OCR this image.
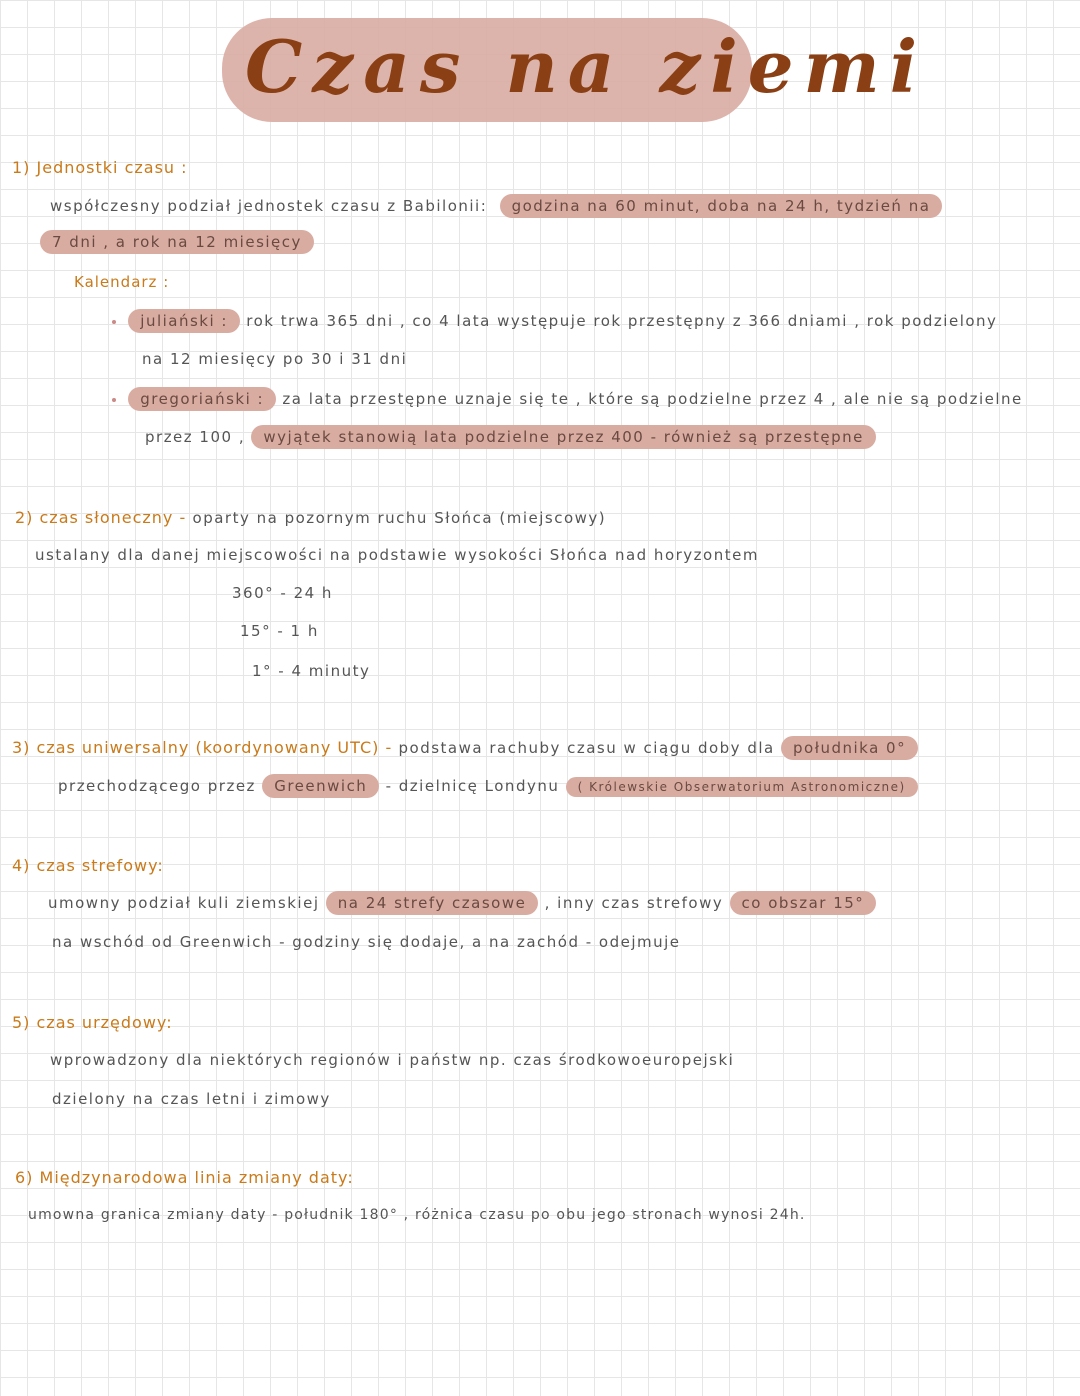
Czas na ziemi
1) Jednostki czasu :
współczesny podział jednostek czasu z Babilonii: godzina na 60 minut, doba na 24 h, tydzień na
7 dni , a rok na 12 miesięcy
Kalendarz :
juliański : rok trwa 365 dni , co 4 lata występuje rok przestępny z 366 dniami , rok podzielony
na 12 miesięcy po 30 i 31 dni
gregoriański : za lata przestępne uznaje się te , które są podzielne przez 4 , ale nie są podzielne
przez 100 , wyjątek stanowią lata podzielne przez 400 - również są przestępne
2) czas słoneczny - oparty na pozornym ruchu Słońca (miejscowy)
ustalany dla danej miejscowości na podstawie wysokości Słońca nad horyzontem
360° - 24 h
15° - 1 h
1° - 4 minuty
3) czas uniwersalny (koordynowany UTC) - podstawa rachuby czasu w ciągu doby dla południka 0°
przechodzącego przez Greenwich - dzielnicę Londynu ( Królewskie Obserwatorium Astronomiczne)
4) czas strefowy:
umowny podział kuli ziemskiej na 24 strefy czasowe , inny czas strefowy co obszar 15°
na wschód od Greenwich - godziny się dodaje, a na zachód - odejmuje
5) czas urzędowy:
wprowadzony dla niektórych regionów i państw np. czas środkowoeuropejski
dzielony na czas letni i zimowy
6) Międzynarodowa linia zmiany daty:
umowna granica zmiany daty - południk 180° , różnica czasu po obu jego stronach wynosi 24h.
